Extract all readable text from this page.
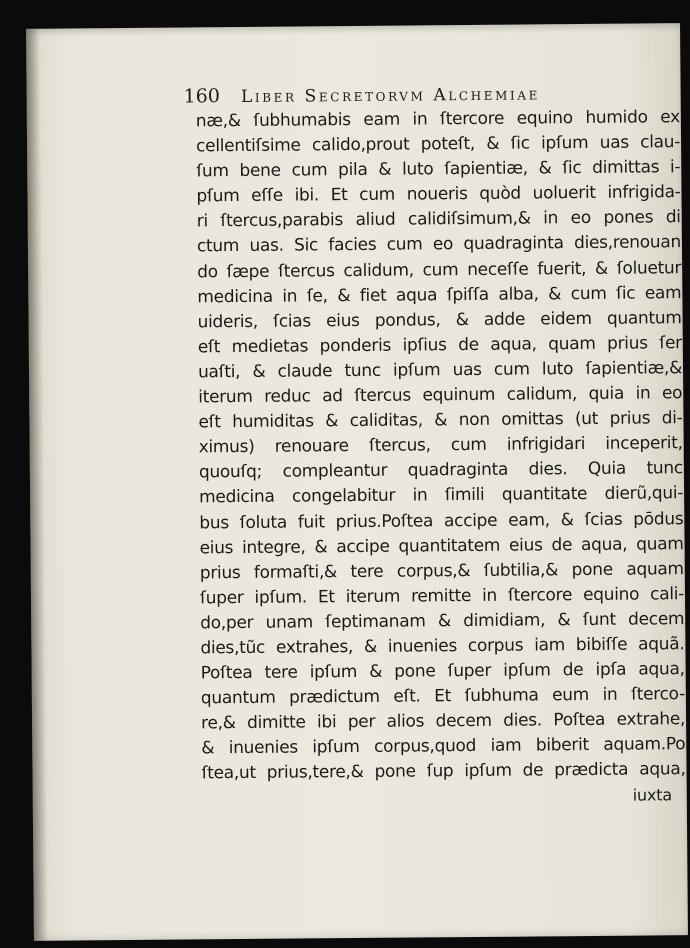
160 Liber Secretorvm Alchemiae
næ,& ſubhumabis eam in ſtercore equino humido ex
cellentiſsime calido,prout poteſt, & ſic ipſum uas clau-
ſum bene cum pila & luto ſapientiæ, & ſic dimittas i-
pſum eſſe ibi. Et cum noueris quòd uoluerit infrigida-
ri ſtercus,parabis aliud calidiſsimum,& in eo pones di
ctum uas. Sic facies cum eo quadraginta dies,renouan
do ſæpe ſtercus calidum, cum neceſſe fuerit, & ſoluetur
medicina in ſe, & fiet aqua ſpiſſa alba, & cum ſic eam
uideris, ſcias eius pondus, & adde eidem quantum
eſt medietas ponderis ipſius de aqua, quam prius ſer
uaſti, & claude tunc ipſum uas cum luto ſapientiæ,&
iterum reduc ad ſtercus equinum calidum, quia in eo
eſt humiditas & caliditas, & non omittas (ut prius di-
ximus) renouare ſtercus, cum infrigidari inceperit,
quouſq; compleantur quadraginta dies. Quia tunc
medicina congelabitur in ſimili quantitate dierũ,qui-
bus ſoluta fuit prius.Poſtea accipe eam, & ſcias pōdus
eius integre, & accipe quantitatem eius de aqua, quam
prius formaſti,& tere corpus,& ſubtilia,& pone aquam
ſuper ipſum. Et iterum remitte in ſtercore equino cali-
do,per unam ſeptimanam & dimidiam, & ſunt decem
dies,tũc extrahes, & inuenies corpus iam bibiſſe aquã.
Poſtea tere ipſum & pone ſuper ipſum de ipſa aqua,
quantum prædictum eſt. Et ſubhuma eum in ſterco-
re,& dimitte ibi per alios decem dies. Poſtea extrahe,
& inuenies ipſum corpus,quod iam biberit aquam.Po
ſtea,ut prius,tere,& pone ſup ipſum de prædicta aqua,
iuxta
